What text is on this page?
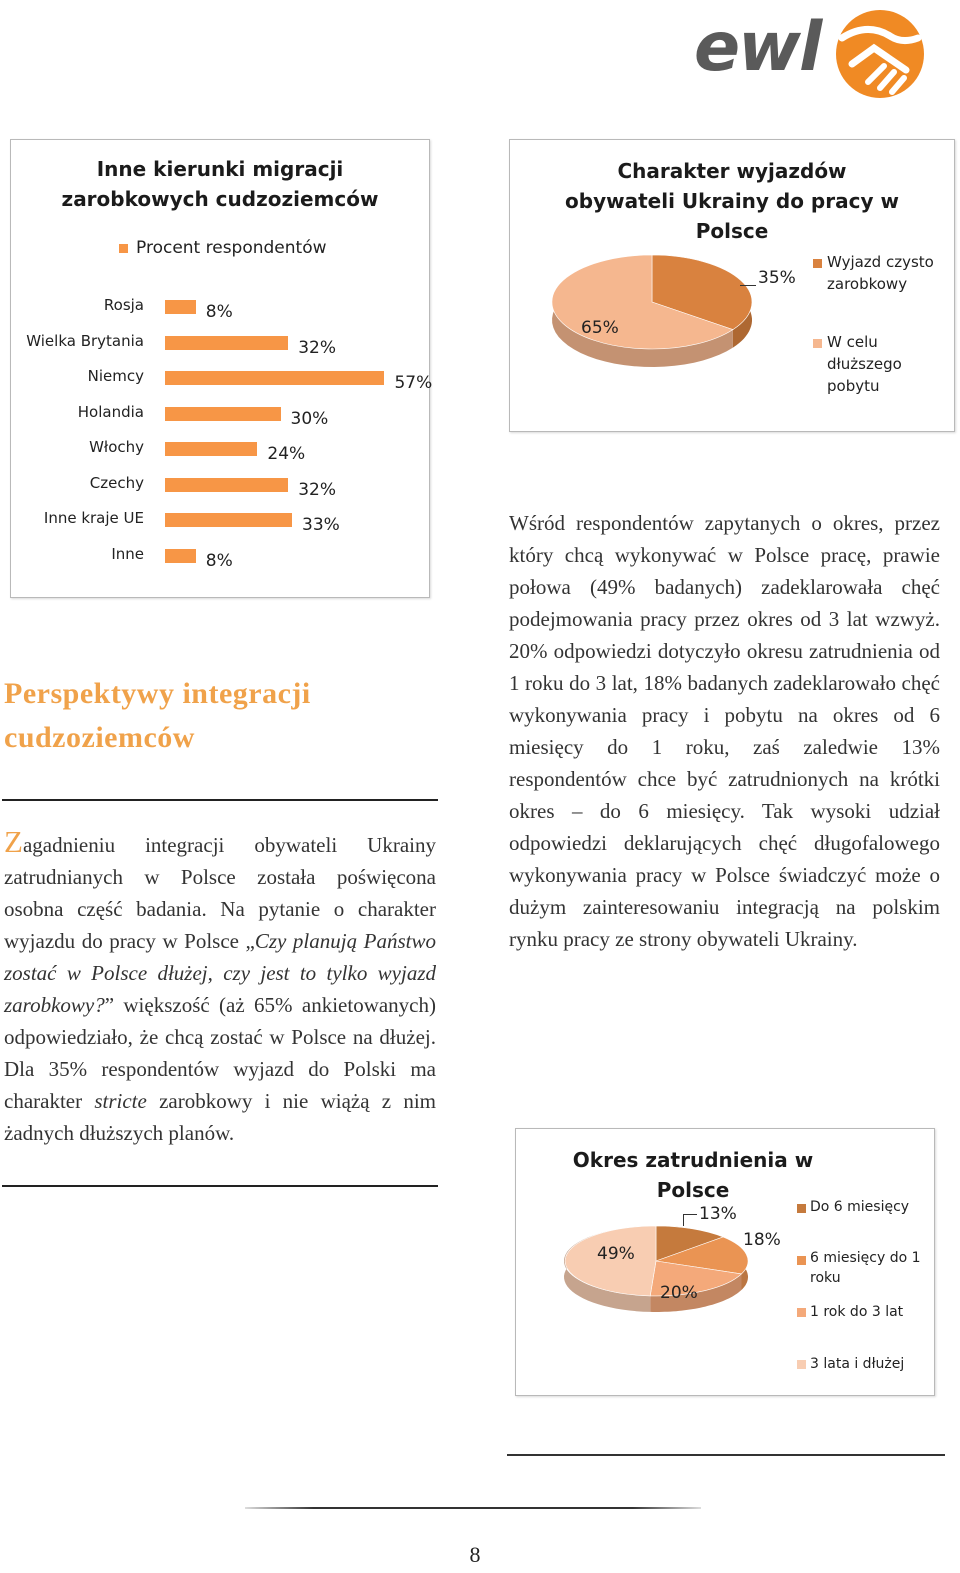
ewl
Inne kierunki migracji zarobkowych cudzoziemców
Procent respondentów
Rosja	8%
Wielka Brytania	32%
Niemcy	57%
Holandia	30%
Włochy	24%
Czechy	32%
Inne kraje UE	33%
Inne	8%
Charakter wyjazdów obywateli Ukrainy do pracy w Polsce
35%
65%
Wyjazd czysto
zarobkowy
W celu
dłuższego
pobytu
Perspektywy integracji
cudzoziemców
Zagadnieniu integracji obywateli Ukrainy zatrudnianych w Polsce została poświęcona osobna część badania. Na pytanie o charakter wyjazdu do pracy w Polsce „Czy planują Państwo zostać w Polsce dłużej, czy jest to tylko wyjazd zarobkowy?” większość (aż 65% ankietowanych) odpowiedziało, że chcą zostać w Polsce na dłużej. Dla 35% respondentów wyjazd do Polski ma charakter stricte zarobkowy i nie wiążą z nim żadnych dłuższych planów.
Wśród respondentów zapytanych o okres, przez który chcą wykonywać w Polsce pracę, prawie połowa (49% badanych) zadeklarowała chęć podejmowania pracy przez okres od 3 lat wzwyż. 20% odpowiedzi dotyczyło okresu zatrudnienia od 1 roku do 3 lat, 18% badanych zadeklarowało chęć wykonywania pracy i pobytu na okres od 6 miesięcy do 1 roku, zaś zaledwie 13% respondentów chce być zatrudnionych na krótki okres – do 6 miesięcy. Tak wysoki udział odpowiedzi deklarujących chęć długofalowego wykonywania pracy w Polsce świadczyć może o dużym zainteresowaniu integracją na polskim rynku pracy ze strony obywateli Ukrainy.
Okres zatrudnienia w Polsce
13%
18%
20%
49%
Do 6 miesięcy
6 miesięcy do 1
roku
1 rok do 3 lat
3 lata i dłużej
8
